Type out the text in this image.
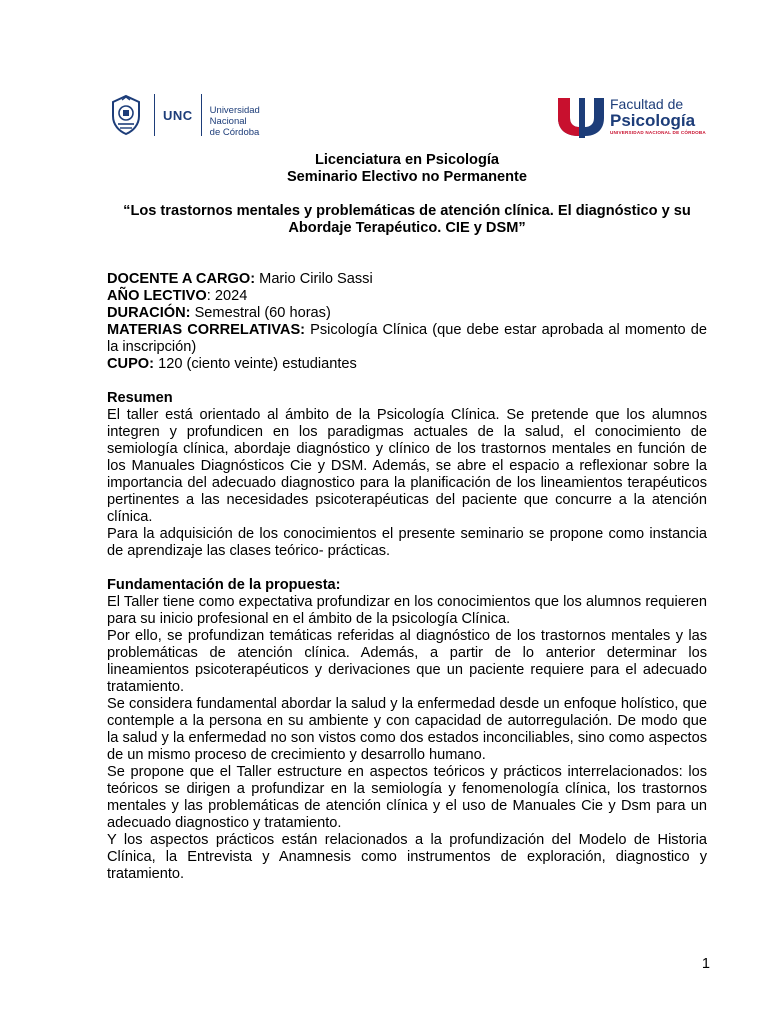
UNC Universidad
Nacional
de Córdoba
Facultad de
Psicología
UNIVERSIDAD NACIONAL DE CÓRDOBA

Licenciatura en Psicología

Seminario Electivo no Permanente

“Los trastornos mentales y problemáticas de atención clínica. El diagnóstico y su Abordaje Terapéutico. CIE y DSM”

DOCENTE A CARGO: Mario Cirilo Sassi

AÑO LECTIVO: 2024

DURACIÓN: Semestral (60 horas)

MATERIAS CORRELATIVAS: Psicología Clínica (que debe estar aprobada al momento de la inscripción)

CUPO: 120 (ciento veinte) estudiantes

Resumen

El taller está orientado al ámbito de la Psicología Clínica. Se pretende que los alumnos integren y profundicen en los paradigmas actuales de la salud, el conocimiento de semiología clínica, abordaje diagnóstico y clínico de los trastornos mentales en función de los Manuales Diagnósticos Cie y DSM. Además, se abre el espacio a reflexionar sobre la importancia del adecuado diagnostico para la planificación de los lineamientos terapéuticos pertinentes a las necesidades psicoterapéuticas del paciente que concurre a la atención clínica.

Para la adquisición de los conocimientos el presente seminario se propone como instancia de aprendizaje las clases teórico- prácticas.

Fundamentación de la propuesta:

El Taller tiene como expectativa profundizar en los conocimientos que los alumnos requieren para su inicio profesional en el ámbito de la psicología Clínica.

Por ello, se profundizan temáticas referidas al diagnóstico de los trastornos mentales y las problemáticas de atención clínica. Además, a partir de lo anterior determinar los lineamientos psicoterapéuticos y derivaciones que un paciente requiere para el adecuado tratamiento.

Se considera fundamental abordar la salud y la enfermedad desde un enfoque holístico, que contemple a la persona en su ambiente y con capacidad de autorregulación. De modo que la salud y la enfermedad no son vistos como dos estados inconciliables, sino como aspectos de un mismo proceso de crecimiento y desarrollo humano.

Se propone que el Taller estructure en aspectos teóricos y prácticos interrelacionados: los teóricos se dirigen a profundizar en la semiología y fenomenología clínica, los trastornos mentales y las problemáticas de atención clínica y el uso de Manuales Cie y Dsm para un adecuado diagnostico y tratamiento.

Y los aspectos prácticos están relacionados a la profundización del Modelo de Historia Clínica, la Entrevista y Anamnesis como instrumentos de exploración, diagnostico y tratamiento.

1
